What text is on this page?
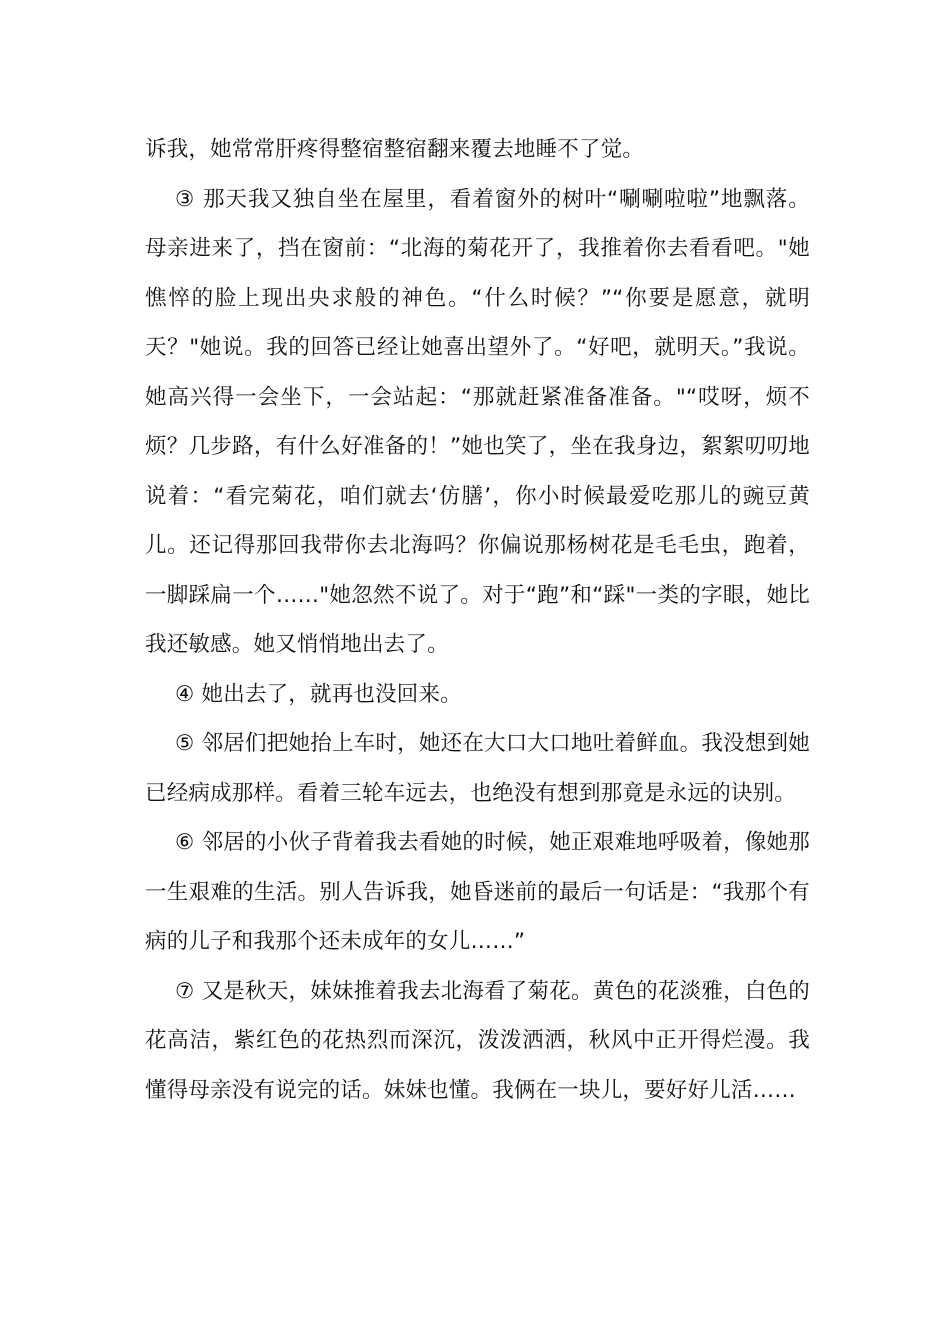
诉我，她常常肝疼得整宿整宿翻来覆去地睡不了觉。

③ 那天我又独自坐在屋里，看着窗外的树叶“唰唰啦啦”地飘落。母亲进来了，挡在窗前：“北海的菊花开了，我推着你去看看吧。"她憔悴的脸上现出央求般的神色。“什么时候？”“你要是愿意，就明天？"她说。我的回答已经让她喜出望外了。“好吧，就明天。”我说。她高兴得一会坐下，一会站起：“那就赶紧准备准备。"“哎呀，烦不烦？几步路，有什么好准备的！”她也笑了，坐在我身边，絮絮叨叨地说着：“看完菊花，咱们就去‘仿膳’，你小时候最爱吃那儿的豌豆黄儿。还记得那回我带你去北海吗？你偏说那杨树花是毛毛虫，跑着，一脚踩扁一个……"她忽然不说了。对于“跑”和“踩"一类的字眼，她比我还敏感。她又悄悄地出去了。

④ 她出去了，就再也没回来。

⑤ 邻居们把她抬上车时，她还在大口大口地吐着鲜血。我没想到她已经病成那样。看着三轮车远去，也绝没有想到那竟是永远的诀别。

⑥ 邻居的小伙子背着我去看她的时候，她正艰难地呼吸着，像她那一生艰难的生活。别人告诉我，她昏迷前的最后一句话是：“我那个有病的儿子和我那个还未成年的女儿……”

⑦ 又是秋天，妹妹推着我去北海看了菊花。黄色的花淡雅，白色的花高洁，紫红色的花热烈而深沉，泼泼洒洒，秋风中正开得烂漫。我懂得母亲没有说完的话。妹妹也懂。我俩在一块儿，要好好儿活……
